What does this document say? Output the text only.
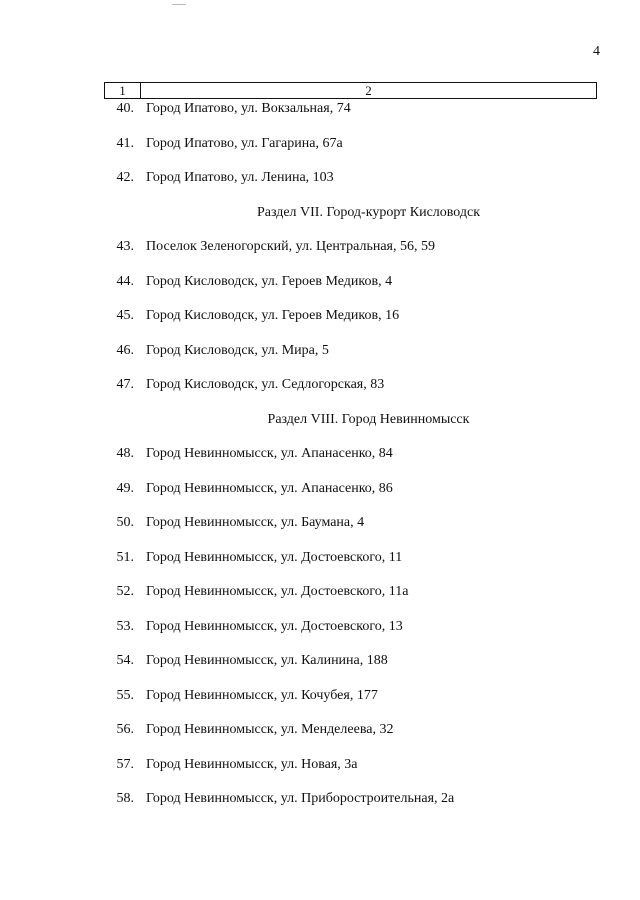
4
1	2
40. Город Ипатово, ул. Вокзальная, 74
41. Город Ипатово, ул. Гагарина, 67а
42. Город Ипатово, ул. Ленина, 103
Раздел VII. Город-курорт Кисловодск
43. Поселок Зеленогорский, ул. Центральная, 56, 59
44. Город Кисловодск, ул. Героев Медиков, 4
45. Город Кисловодск, ул. Героев Медиков, 16
46. Город Кисловодск, ул. Мира, 5
47. Город Кисловодск, ул. Седлогорская, 83
Раздел VIII. Город Невинномысск
48. Город Невинномысск, ул. Апанасенко, 84
49. Город Невинномысск, ул. Апанасенко, 86
50. Город Невинномысск, ул. Баумана, 4
51. Город Невинномысск, ул. Достоевского, 11
52. Город Невинномысск, ул. Достоевского, 11а
53. Город Невинномысск, ул. Достоевского, 13
54. Город Невинномысск, ул. Калинина, 188
55. Город Невинномысск, ул. Кочубея, 177
56. Город Невинномысск, ул. Менделеева, 32
57. Город Невинномысск, ул. Новая, 3а
58. Город Невинномысск, ул. Приборостроительная, 2а
